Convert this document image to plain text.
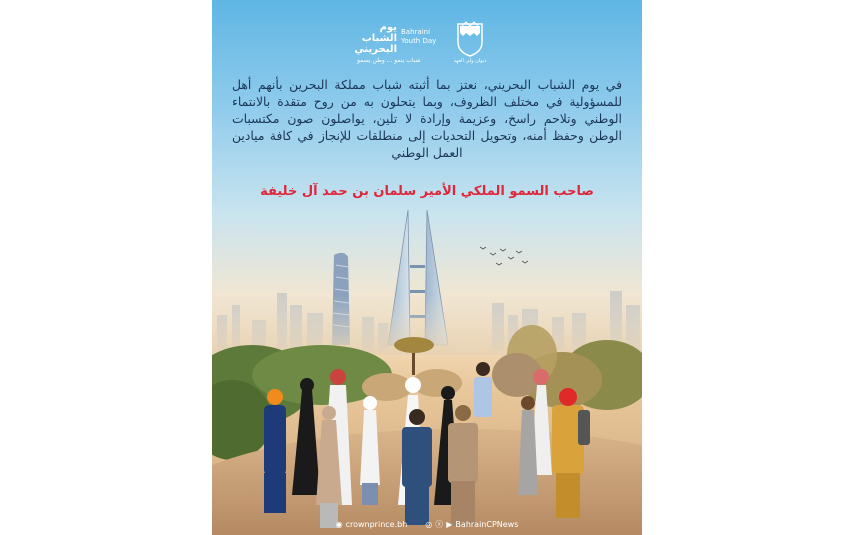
يوم الشباب البحريني
Bahraini Youth Day
شباب ينمو ... وطن يسمو	ديوان ولي العهد
في يوم الشباب البحريني، نعتز بما أثبته شباب مملكة البحرين بأنهم أهل للمسؤولية في مختلف الظروف، وبما يتحلون به من روح متقدة بالانتماء الوطني وتلاحم راسخ، وعزيمة وإرادة لا تلين، يواصلون صون مكتسبات الوطن وحفظ أمنه، وتحويل التحديات إلى منطلقات للإنجاز في كافة ميادين العمل الوطني
صاحب السمو الملكي الأمير سلمان بن حمد آل خليفة
◉ crownprince.bh ◎ ⓧ ▶ BahrainCPNews
